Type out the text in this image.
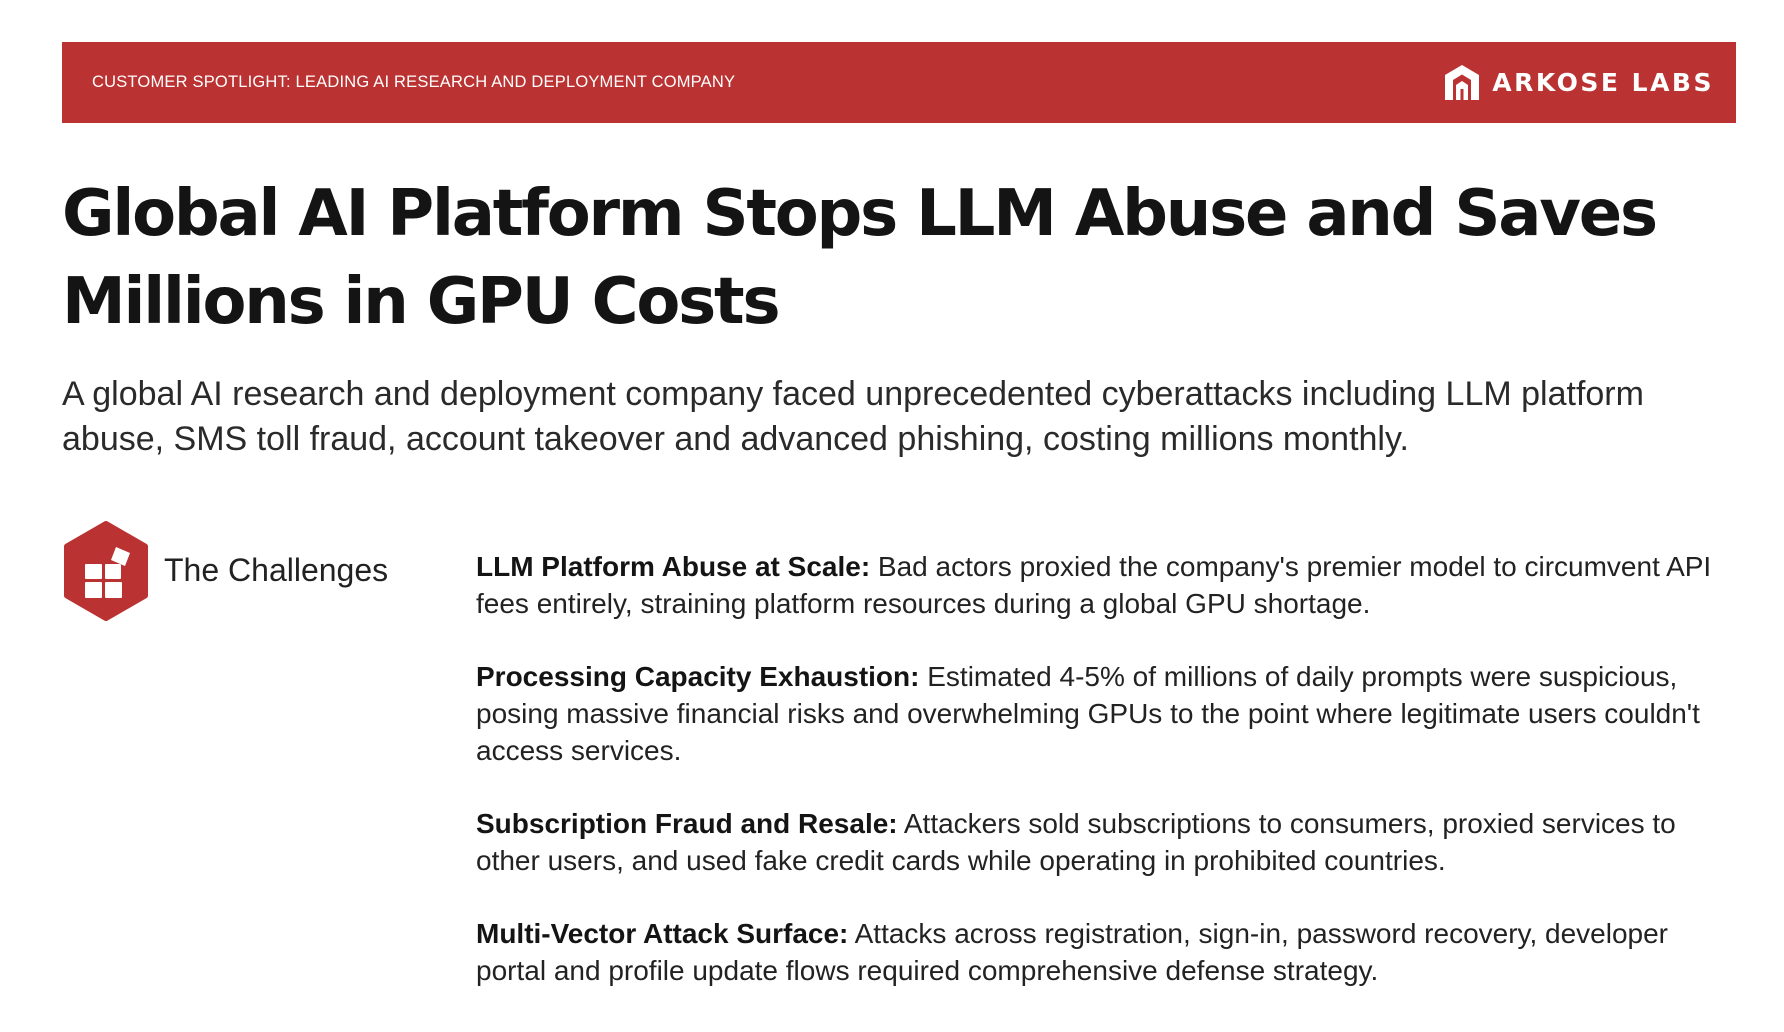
CUSTOMER SPOTLIGHT: LEADING AI RESEARCH AND DEPLOYMENT COMPANY	ARKOSE LABS
Global AI Platform Stops LLM Abuse and Saves Millions in GPU Costs

A global AI research and deployment company faced unprecedented cyberattacks including LLM platform abuse, SMS toll fraud, account takeover and advanced phishing, costing millions monthly.

The Challenges	LLM Platform Abuse at Scale: Bad actors proxied the company's premier model to circumvent API fees entirely, straining platform resources during a global GPU shortage.

Processing Capacity Exhaustion: Estimated 4-5% of millions of daily prompts were suspicious, posing massive financial risks and overwhelming GPUs to the point where legitimate users couldn't access services.

Subscription Fraud and Resale: Attackers sold subscriptions to consumers, proxied services to other users, and used fake credit cards while operating in prohibited countries.

Multi-Vector Attack Surface: Attacks across registration, sign-in, password recovery, developer portal and profile update flows required comprehensive defense strategy.
